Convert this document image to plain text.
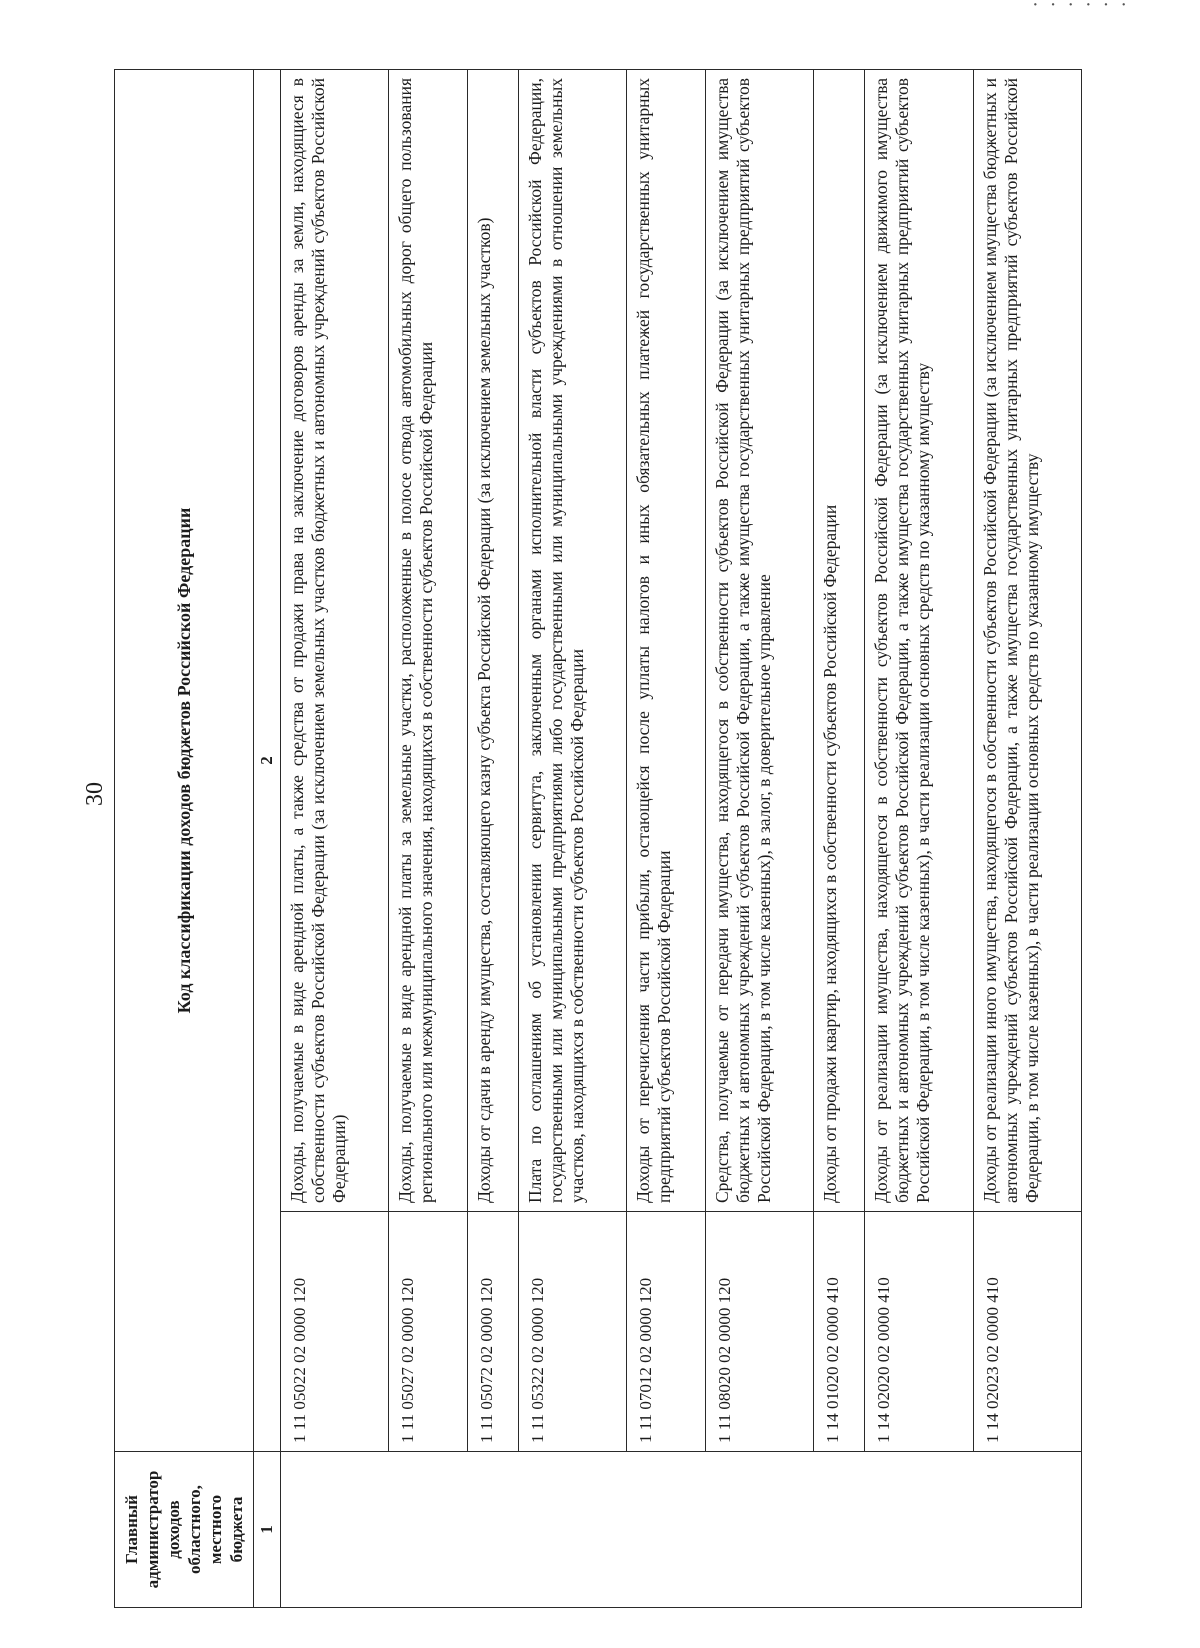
· · · · · ·
30
Главный администратор доходов областного, местного бюджета	Код классификации доходов бюджетов Российской Федерации	
1	2	
	1 11 05022 02 0000 120	Доходы, получаемые в виде арендной платы, а также средства от продажи права на заключение договоров аренды за земли, находящиеся в собственности субъектов Российской Федерации (за исключением земельных участков бюджетных и автономных учреждений субъектов Российской Федерации)
	1 11 05027 02 0000 120	Доходы, получаемые в виде арендной платы за земельные участки, расположенные в полосе отвода автомобильных дорог общего пользования регионального или межмуниципального значения, находящихся в собственности субъектов Российской Федерации
	1 11 05072 02 0000 120	Доходы от сдачи в аренду имущества, составляющего казну субъекта Российской Федерации (за исключением земельных участков)
	1 11 05322 02 0000 120	Плата по соглашениям об установлении сервитута, заключенным органами исполнительной власти субъектов Российской Федерации, государственными или муниципальными предприятиями либо государственными или муниципальными учреждениями в отношении земельных участков, находящихся в собственности субъектов Российской Федерации
	1 11 07012 02 0000 120	Доходы от перечисления части прибыли, остающейся после уплаты налогов и иных обязательных платежей государственных унитарных предприятий субъектов Российской Федерации
	1 11 08020 02 0000 120	Средства, получаемые от передачи имущества, находящегося в собственности субъектов Российской Федерации (за исключением имущества бюджетных и автономных учреждений субъектов Российской Федерации, а также имущества государственных унитарных предприятий субъектов Российской Федерации, в том числе казенных), в залог, в доверительное управление
	1 14 01020 02 0000 410	Доходы от продажи квартир, находящихся в собственности субъектов Российской Федерации
	1 14 02020 02 0000 410	Доходы от реализации имущества, находящегося в собственности субъектов Российской Федерации (за исключением движимого имущества бюджетных и автономных учреждений субъектов Российской Федерации, а также имущества государственных унитарных предприятий субъектов Российской Федерации, в том числе казенных), в части реализации основных средств по указанному имуществу
	1 14 02023 02 0000 410	Доходы от реализации иного имущества, находящегося в собственности субъектов Российской Федерации (за исключением имущества бюджетных и автономных учреждений субъектов Российской Федерации, а также имущества государственных унитарных предприятий субъектов Российской Федерации, в том числе казенных), в части реализации основных средств по указанному имуществу
